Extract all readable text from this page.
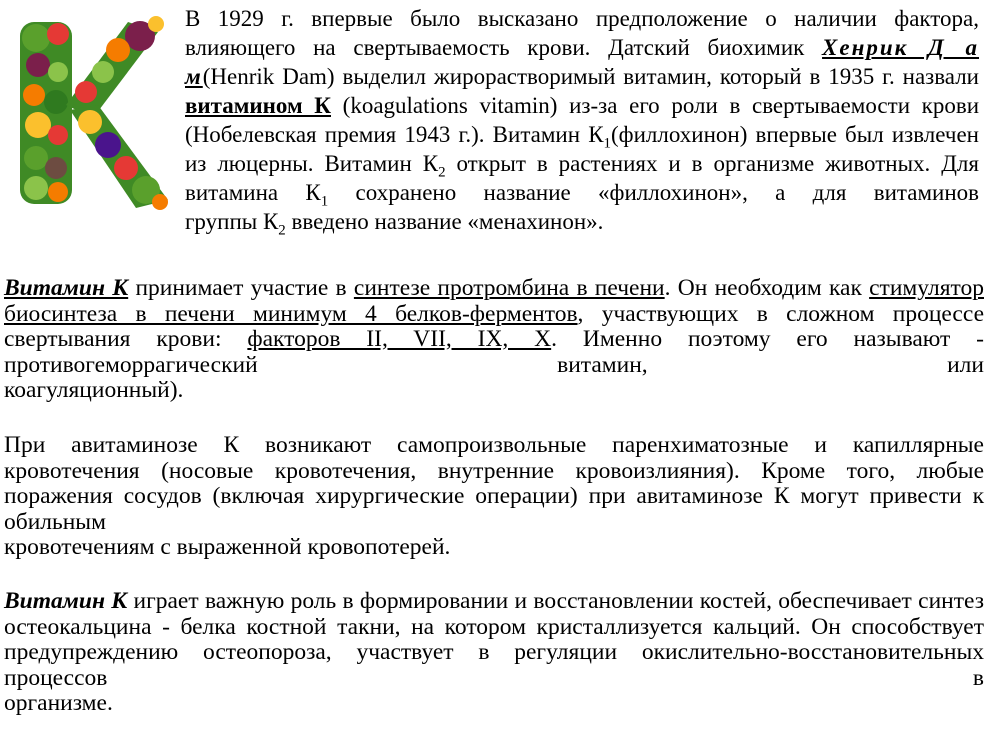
В 1929 г. впервые было высказано предположение о наличии фактора, влияющего на свертываемость крови. Датский биохимик Хенрик Д а м(Henrik Dam) выделил жирорастворимый витамин, который в 1935 г. назвали витамином К (koagulations vitamin) из-за его роли в свертываемости крови (Нобелевская премия 1943 г.). Витамин $К_1(филлохинон)$ впервые был извлечен из люцерны. Витамин $К_2$ открыт в растениях и в организме животных. Для витамина $К_1$ сохранено название «филлохинон», а для витаминов
группы $К_2$ введено название «менахинон».

Витамин К принимает участие в синтезе протромбина в печени. Он необходим как стимулятор биосинтеза в печени минимум 4 белков-ферментов, участвующих в сложном процессе свертывания крови: факторов II, VII, IX, X. Именно поэтому его называют - противогеморрагический витамин, или
коагуляционный).

При авитаминозе К возникают самопроизвольные паренхиматозные и капиллярные кровотечения (носовые кровотечения, внутренние кровоизлияния). Кроме того, любые поражения сосудов (включая хирургические операции) при авитаминозе К могут привести к обильным
кровотечениям с выраженной кровопотерей.

Витамин К играет важную роль в формировании и восстановлении костей, обеспечивает синтез остеокальцина - белка костной такни, на котором кристаллизуется кальций. Он способствует предупреждению остеопороза, участвует в регуляции окислительно-восстановительных процессов в
организме.
